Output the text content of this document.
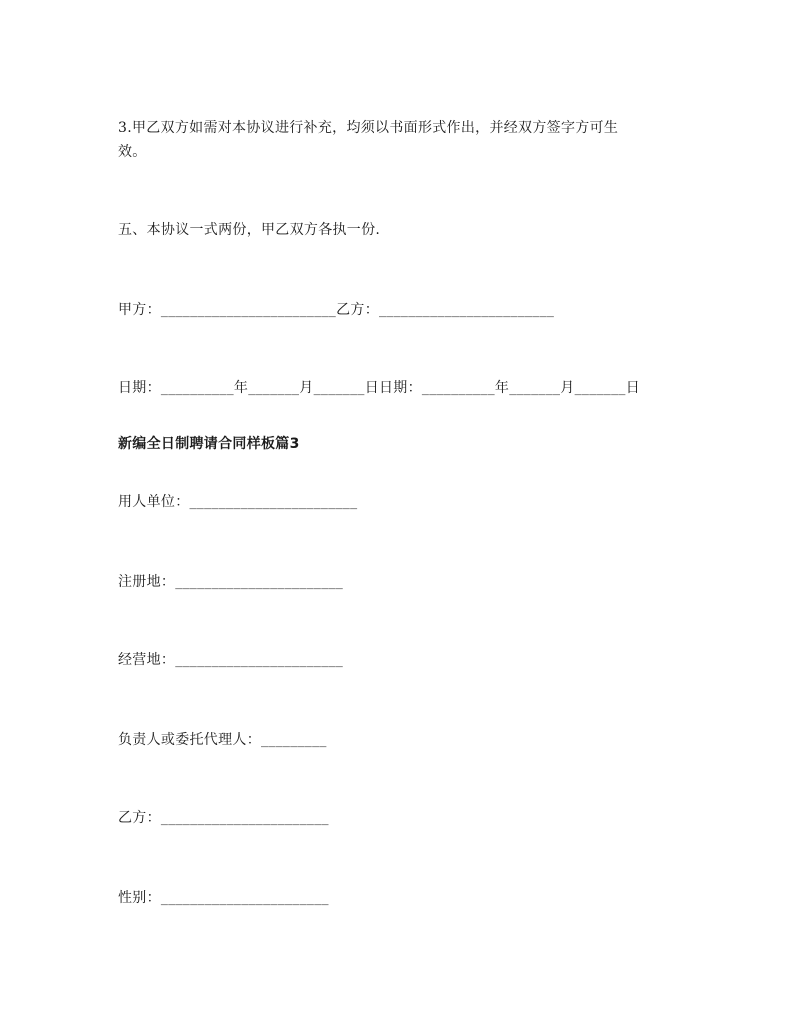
3.甲乙双方如需对本协议进行补充，均须以书面形式作出，并经双方签字方可生
效。
五、本协议一式两份，甲乙双方各执一份.
甲方：________________________乙方：________________________
日期：__________年_______月_______日日期：__________年_______月_______日
新编全日制聘请合同样板篇3
用人单位：_______________________
注册地：_______________________
经营地：_______________________
负责人或委托代理人：_________
乙方：_______________________
性别：_______________________
